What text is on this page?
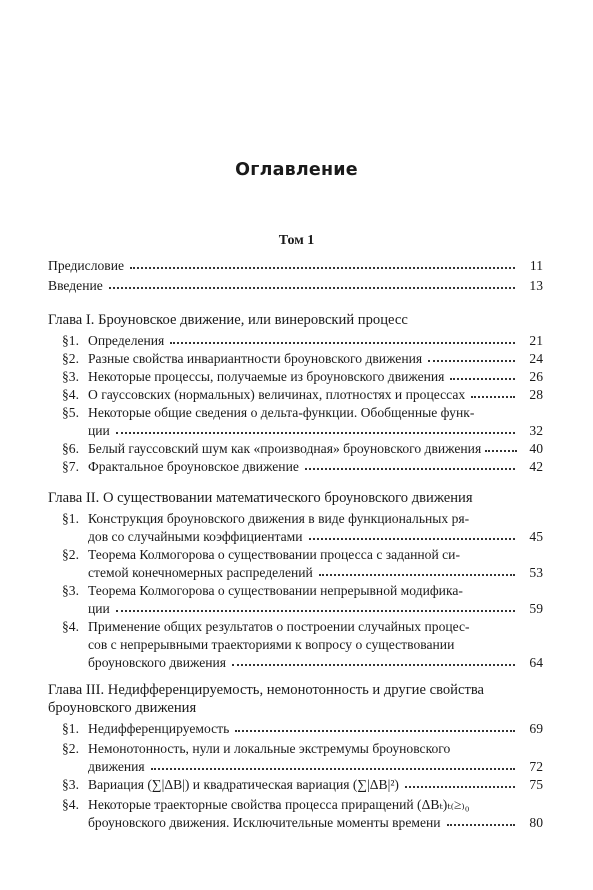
Оглавление
Том 1
Предисловие	11
Введение	13
Глава I. Броуновское движение, или винеровский процесс
§1. Определения	21
§2. Разные свойства инвариантности броуновского движения	24
§3. Некоторые процессы, получаемые из броуновского движения	26
§4. О гауссовских (нормальных) величинах, плотностях и процессах	28
§5. Некоторые общие сведения о дельта-функции. Обобщенные функ-
ции	32
§6. Белый гауссовский шум как «производная» броуновского движения	40
§7. Фрактальное броуновское движение	42
Глава II. О существовании математического броуновского движения
§1. Конструкция броуновского движения в виде функциональных ря-
дов со случайными коэффициентами	45
§2. Теорема Колмогорова о существовании процесса с заданной си-
стемой конечномерных распределений	53
§3. Теорема Колмогорова о существовании непрерывной модифика-
ции	59
§4. Применение общих результатов о построении случайных процес-
сов с непрерывными траекториями к вопросу о существовании
броуновского движения	64
Глава III. Недифференцируемость, немонотонность и другие свойства
броуновского движения
§1. Недифференцируемость	69
§2. Немонотонность, нули и локальные экстремумы броуновского
движения	72
§3. Вариация (∑|ΔB|) и квадратическая вариация (∑|ΔB|²)	75
§4. Некоторые траекторные свойства процесса приращений (ΔBₜ)ₜ₍≥₎₀
броуновского движения. Исключительные моменты времени	80
